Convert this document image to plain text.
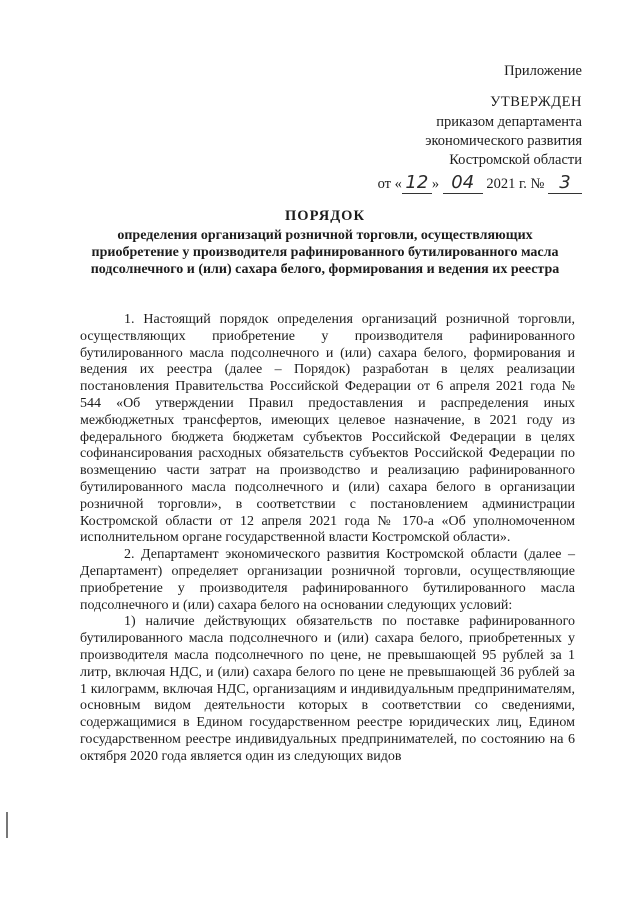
Приложение
УТВЕРЖДЕН
приказом департамента
экономического развития
Костромской области
от « 12 » 04 2021 г. № 3
ПОРЯДОК
определения организаций розничной торговли, осуществляющих приобретение у производителя рафинированного бутилированного масла подсолнечного и (или) сахара белого, формирования и ведения их реестра

1. Настоящий порядок определения организаций розничной торговли, осуществляющих приобретение у производителя рафинированного бутилированного масла подсолнечного и (или) сахара белого, формирования и ведения их реестра (далее – Порядок) разработан в целях реализации постановления Правительства Российской Федерации от 6 апреля 2021 года № 544 «Об утверждении Правил предоставления и распределения иных межбюджетных трансфертов, имеющих целевое назначение, в 2021 году из федерального бюджета бюджетам субъектов Российской Федерации в целях софинансирования расходных обязательств субъектов Российской Федерации по возмещению части затрат на производство и реализацию рафинированного бутилированного масла подсолнечного и (или) сахара белого в организации розничной торговли», в соответствии с постановлением администрации Костромской области от 12 апреля 2021 года № 170-а «Об уполномоченном исполнительном органе государственной власти Костромской области».

2. Департамент экономического развития Костромской области (далее – Департамент) определяет организации розничной торговли, осуществляющие приобретение у производителя рафинированного бутилированного масла подсолнечного и (или) сахара белого на основании следующих условий:

1) наличие действующих обязательств по поставке рафинированного бутилированного масла подсолнечного и (или) сахара белого, приобретенных у производителя масла подсолнечного по цене, не превышающей 95 рублей за 1 литр, включая НДС, и (или) сахара белого по цене не превышающей 36 рублей за 1 килограмм, включая НДС, организациям и индивидуальным предпринимателям, основным видом деятельности которых в соответствии со сведениями, содержащимися в Едином государственном реестре юридических лиц, Едином государственном реестре индивидуальных предпринимателей, по состоянию на 6 октября 2020 года является один из следующих видов
